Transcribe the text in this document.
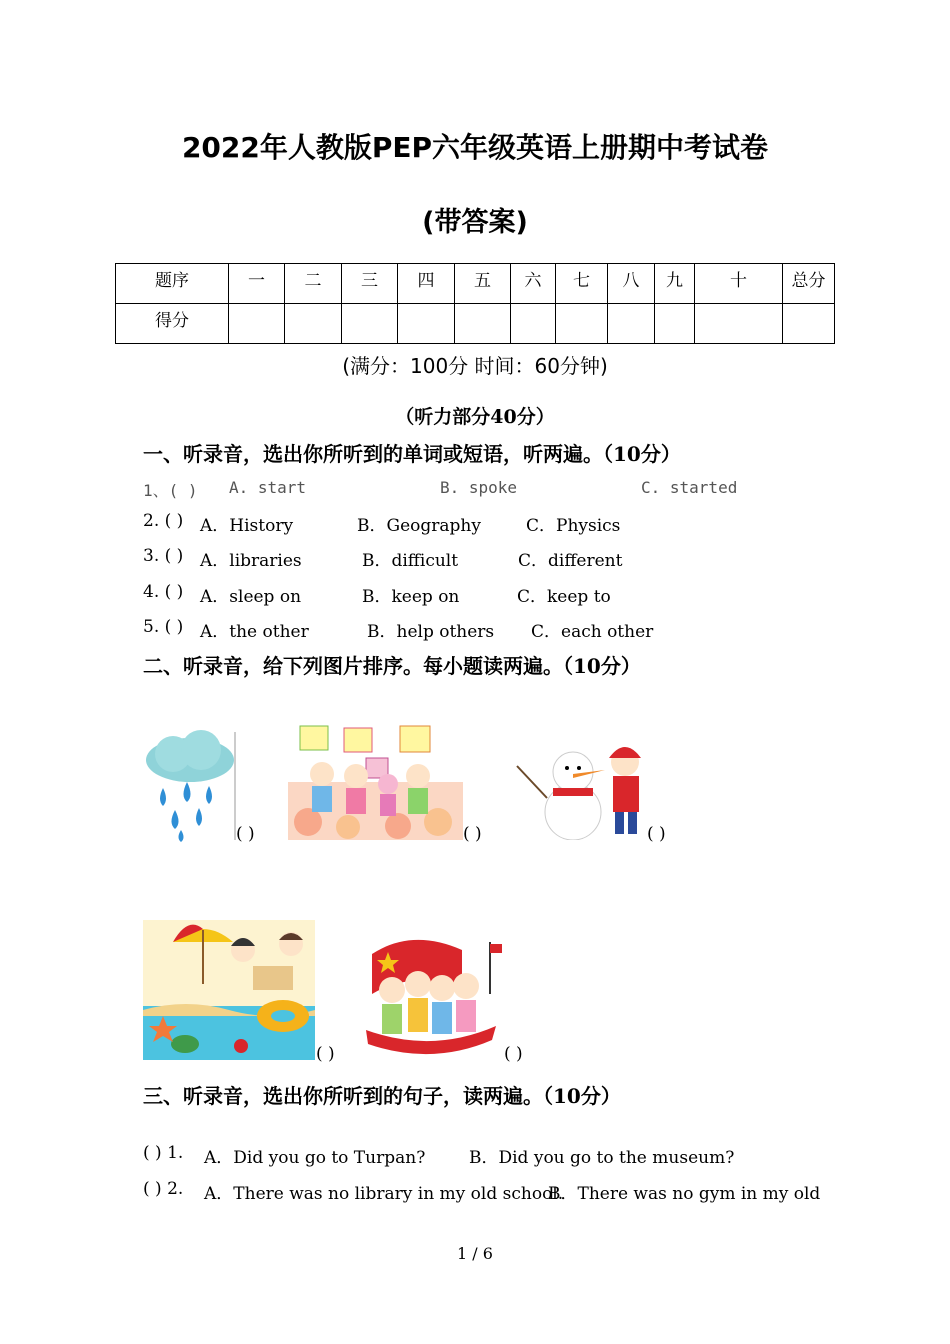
2022年人教版PEP六年级英语上册期中考试卷
(带答案)
题序	一	二	三	四	五	六	七	八	九	十	总分
得分											
(满分：100分 时间：60分钟)
（听力部分40分）
一、听录音，选出你所听到的单词或短语，听两遍。（10分）
1、( ) A. start	B. spoke	C. started
2. ( ) A．History	B．Geography	C．Physics
3. ( ) A．libraries	B．difficult	C．different
4. ( ) A．sleep on	B．keep on	C．keep to
5. ( ) A．the other	B．help others C．each other
二、听录音，给下列图片排序。每小题读两遍。（10分）
( )	( )	( )
( )	( )
三、听录音，选出你所听到的句子，读两遍。（10分）
( ) 1. A．Did you go to Turpan?	B．Did you go to the museum?
( ) 2. A．There was no library in my old school.
B．There was no gym in my old
1 / 6
